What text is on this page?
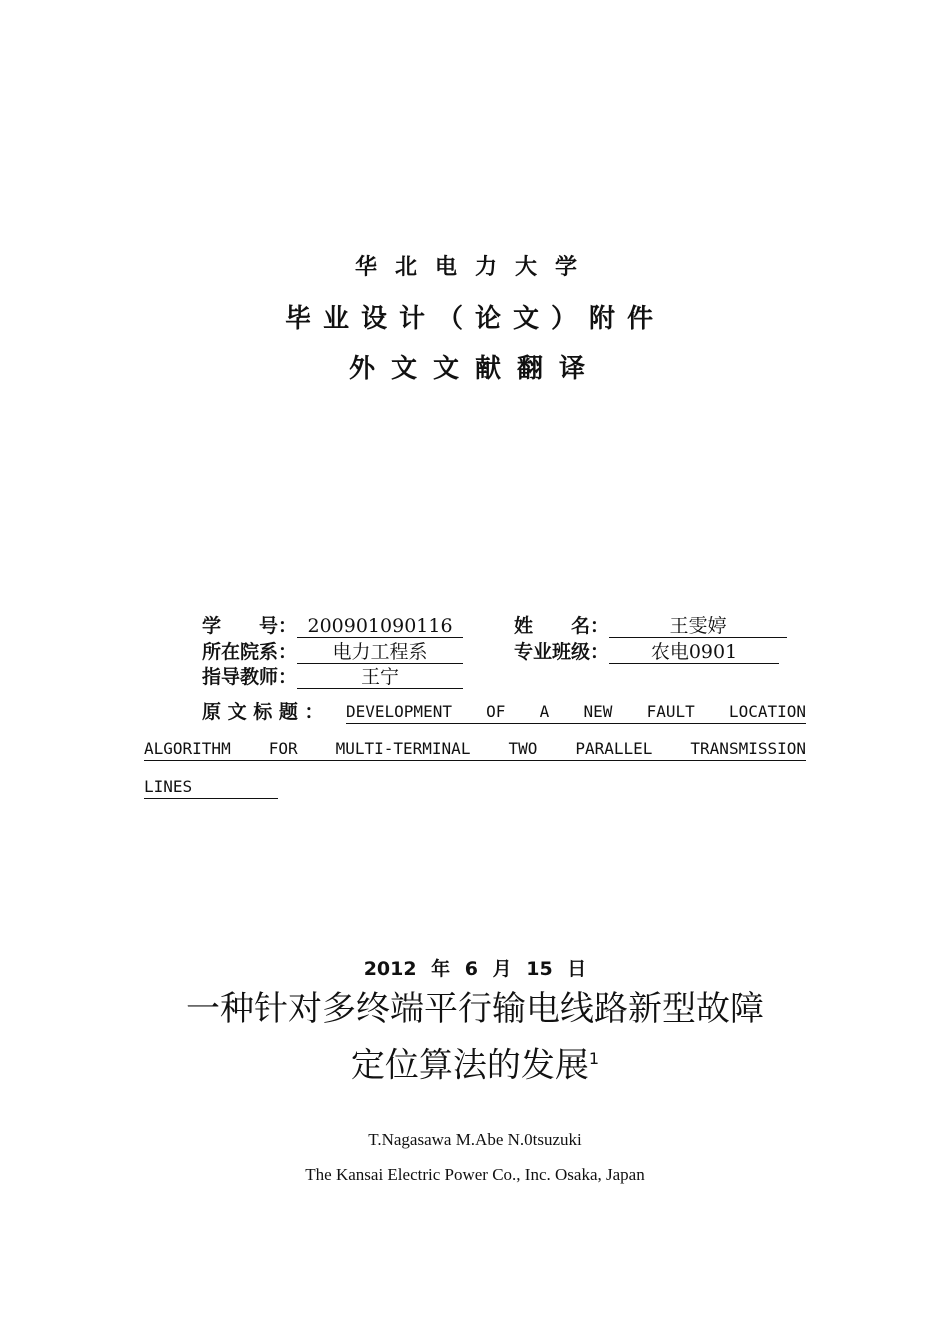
华北电力大学
毕业设计（论文）附件
外文文献翻译
学　　号： 200901090116	姓　　名：	王雯婷
所在院系： 电力工程系	专业班级： 农电0901
指导教师：	王宁
原 文 标 题 ：	DEVELOPMENT OF A NEW FAULT LOCATION
ALGORITHM FOR MULTI-TERMINAL TWO PARALLEL TRANSMISSION
LINES
2012 年 6 月 15 日
一种针对多终端平行输电线路新型故障
定位算法的发展$^1$
T.Nagasawa M.Abe N.0tsuzuki
The Kansai Electric Power Co., Inc. Osaka, Japan
